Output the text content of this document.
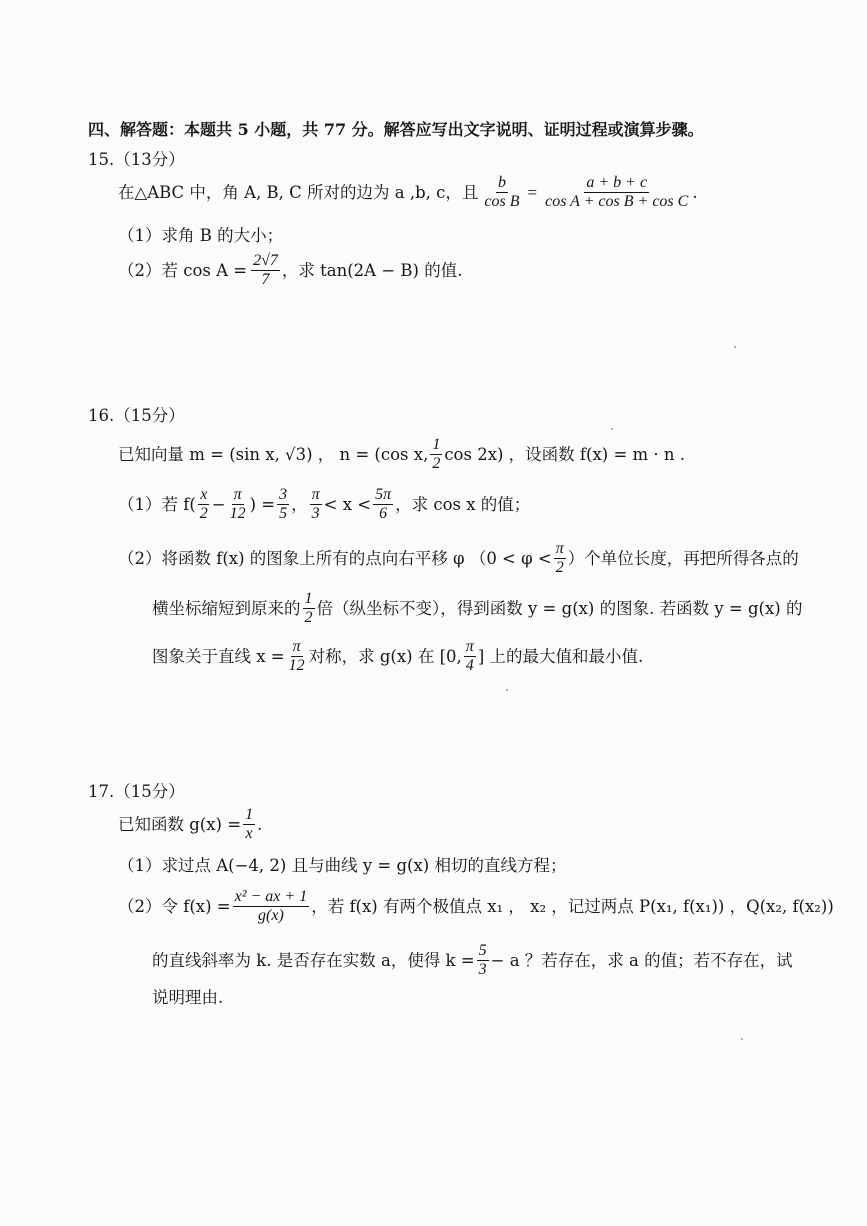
四、解答题：本题共 5 小题，共 77 分。解答应写出文字说明、证明过程或演算步骤。
15.（13分）
在△ABC 中，角 A, B, C 所对的边为 a ,b, c，且 $\frac{b}{\text{cos B}} = \frac{a + b + c}{\text{cos A + cos B + cos C}}$ .
（1）求角 B 的大小；
（2）若 $\cos A = \frac{2√7}{7}$ ，求 tan(2A − B) 的值.
16.（15分）
已知向量 m = (sin x, √3) ， n = (cos x, $\frac{1}{2}$ cos 2x) ，设函数 f(x) = m · n .
（1）若 $f( \frac{x}{2} - \frac{\pi}{12}$ ) = $\frac{3}{5}$ ， $\frac{\pi}{3} < x < \frac{5\pi}{6}$ ，求 cos x 的值；
（2）将函数 f(x) 的图象上所有的点向右平移 φ （$0 < \varphi < \frac{\pi}{2}$ ）个单位长度，再把所得各点的
横坐标缩短到原来的 $\frac{1}{2}$ 倍（纵坐标不变），得到函数 y = g(x) 的图象. 若函数 y = g(x) 的
图象关于直线 $x = \frac{\pi}{12}$ 对称，求 g(x) 在 [0, $\frac{\pi}{4}$ ] 上的最大值和最小值.
17.（15分）
已知函数 $g(x) = \frac{1}{x}$ .
（1）求过点 A(−4, 2) 且与曲线 y = g(x) 相切的直线方程；
（2）令 $f(x) = \frac{\text{x² − ax + 1}}{g(x)}$ ，若 f(x) 有两个极值点 x₁ ， x₂ ，记过两点 P(x₁, f(x₁)) ，Q(x₂, f(x₂))
的直线斜率为 k. 是否存在实数 a，使得 $k = \frac{5}{3} - a$ ？若存在，求 a 的值；若不存在，试
说明理由.
